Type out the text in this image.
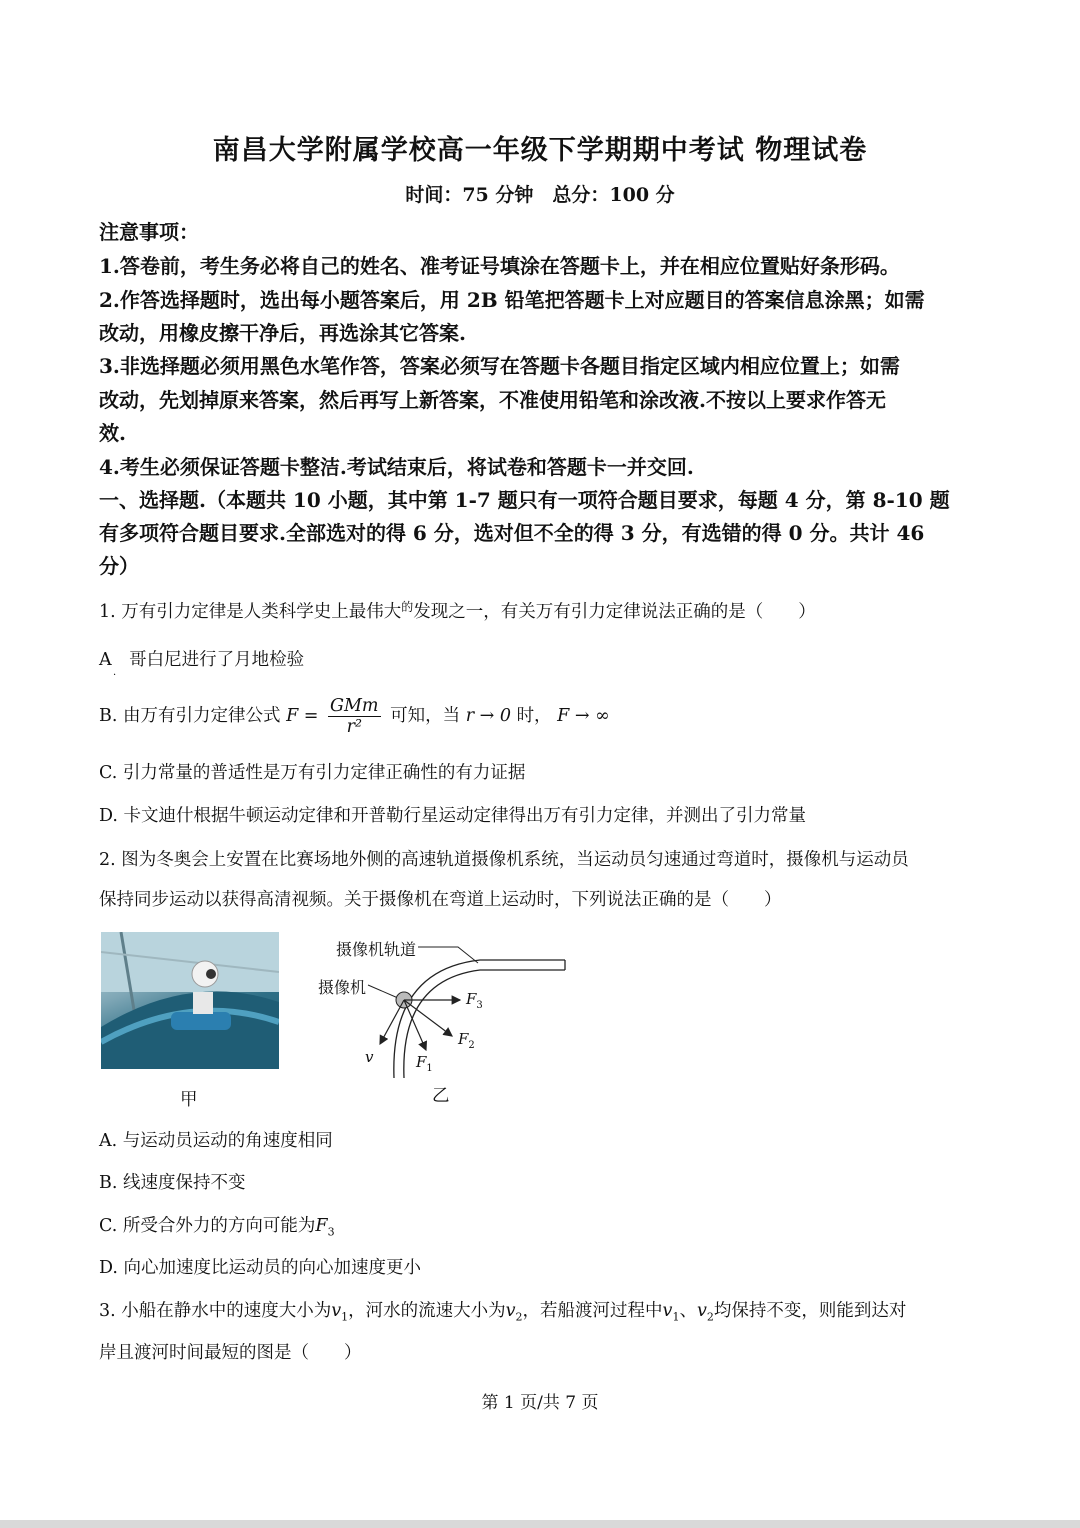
南昌大学附属学校高一年级下学期期中考试 物理试卷
时间：75 分钟　总分：100 分
注意事项：
1.答卷前，考生务必将自己的姓名、准考证号填涂在答题卡上，并在相应位置贴好条形码。
2.作答选择题时，选出每小题答案后，用 2B 铅笔把答题卡上对应题目的答案信息涂黑；如需
改动，用橡皮擦干净后，再选涂其它答案.
3.非选择题必须用黑色水笔作答，答案必须写在答题卡各题目指定区域内相应位置上；如需
改动，先划掉原来答案，然后再写上新答案，不准使用铅笔和涂改液.不按以上要求作答无
效.
4.考生必须保证答题卡整洁.考试结束后，将试卷和答题卡一并交回.
一、选择题.（本题共 10 小题，其中第 1-7 题只有一项符合题目要求，每题 4 分，第 8-10 题
有多项符合题目要求.全部选对的得 6 分，选对但不全的得 3 分，有选错的得 0 分。共计 46
分）
1. 万有引力定律是人类科学史上最伟大$^的$发现之一，有关万有引力定律说法正确的是（　　）
A　哥白尼进行了月地检验
·
B. 由万有引力定律公式 $F = \frac{\text{GMm}}{\text{r²}}$ 可知，当 r → 0 时， F → ∞
C. 引力常量的普适性是万有引力定律正确性的有力证据
D. 卡文迪什根据牛顿运动定律和开普勒行星运动定律得出万有引力定律，并测出了引力常量
2. 图为冬奥会上安置在比赛场地外侧的高速轨道摄像机系统，当运动员匀速通过弯道时，摄像机与运动员
保持同步运动以获得高清视频。关于摄像机在弯道上运动时，下列说法正确的是（　　）
甲
摄像机轨道
摄像机
$F_3$
$F_2$
$F_1$
v
乙
A. 与运动员运动的角速度相同
B. 线速度保持不变
C. 所受合外力的方向可能为$F_3$
D. 向心加速度比运动员的向心加速度更小
3. 小船在静水中的速度大小为$v_1$，河水的流速大小为$v_2$，若船渡河过程中$v_1$、$v_2$均保持不变，则能到达对
岸且渡河时间最短的图是（　　）
第 1 页/共 7 页
